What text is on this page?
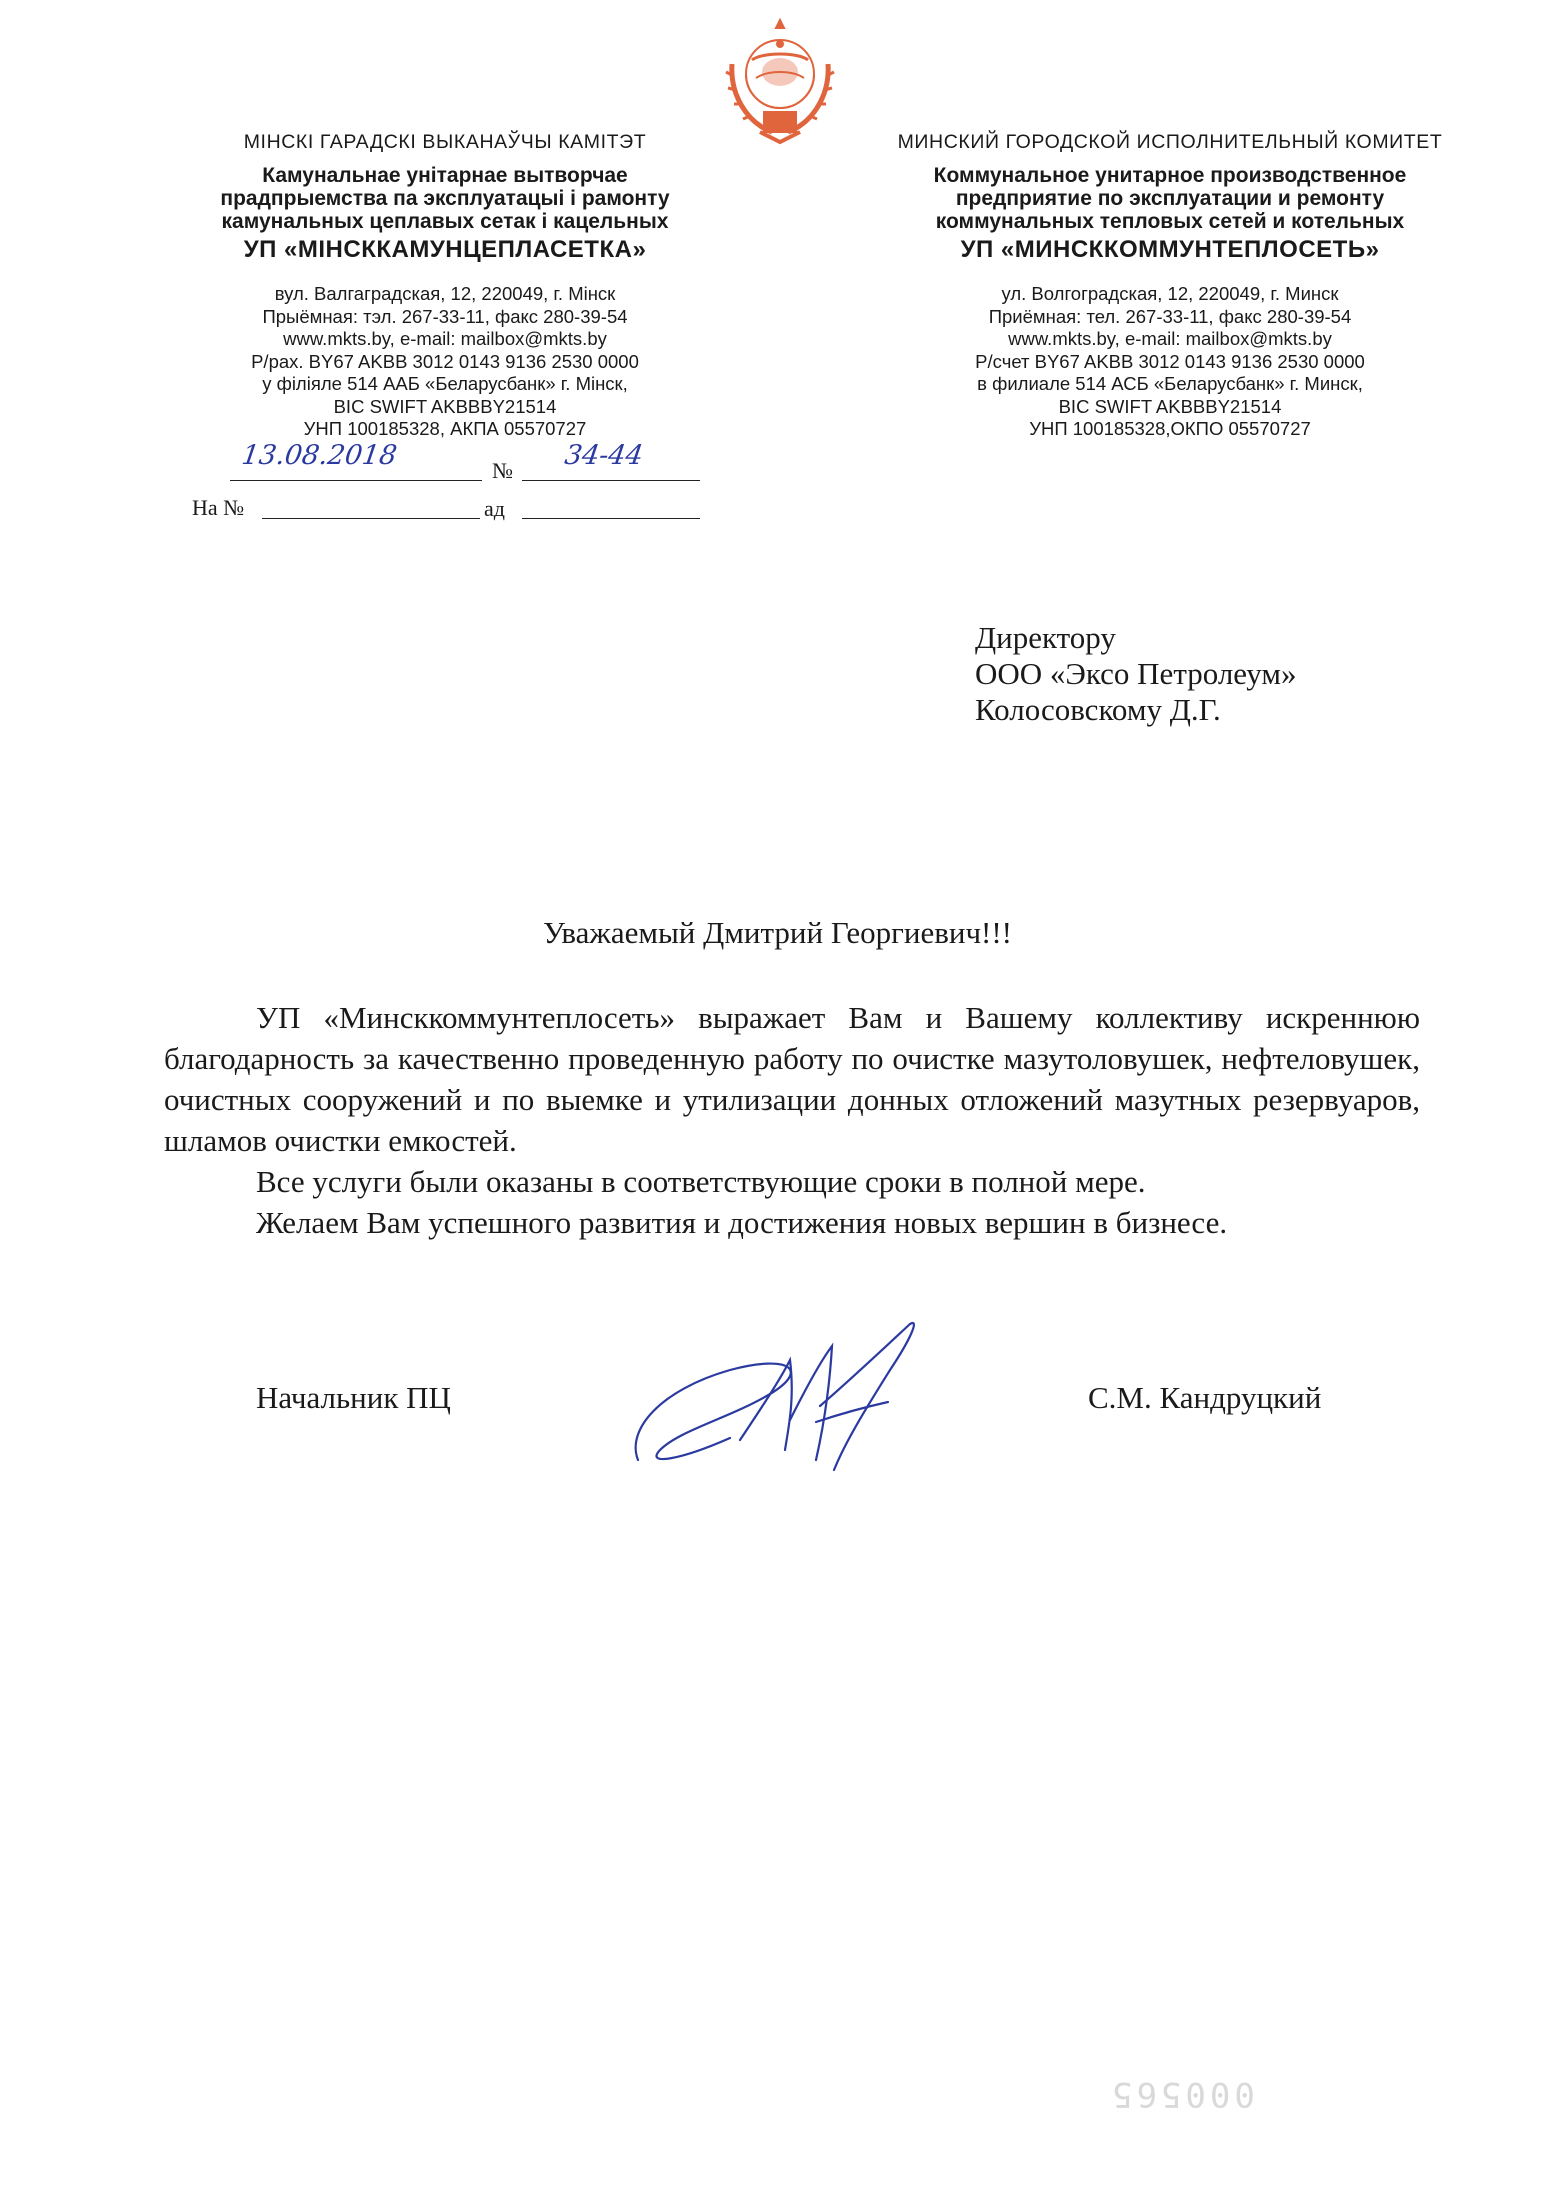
МІНСКІ ГАРАДСКІ ВЫКАНАЎЧЫ КАМІТЭТ
Камунальнае унітарнае вытворчае
прадпрыемства па эксплуатацыі і рамонту
камунальных цеплавых сетак і кацельных
УП «МІНСККАМУНЦЕПЛАСЕТКА»
вул. Валгаградская, 12, 220049, г. Мінск
Прыёмная: тэл. 267-33-11, факс 280-39-54
www.mkts.by, e-mail: mailbox@mkts.by
Р/рах. BY67 AKBB 3012 0143 9136 2530 0000
у філіяле 514 ААБ «Беларусбанк» г. Мінск,
BIC SWIFT AKBBBY21514
УНП 100185328, АКПА 05570727
МИНСКИЙ ГОРОДСКОЙ ИСПОЛНИТЕЛЬНЫЙ КОМИТЕТ
Коммунальное унитарное производственное
предприятие по эксплуатации и ремонту
коммунальных тепловых сетей и котельных
УП «МИНСККОММУНТЕПЛОСЕТЬ»
ул. Волгоградская, 12, 220049, г. Минск
Приёмная: тел. 267-33-11, факс 280-39-54
www.mkts.by, e-mail: mailbox@mkts.by
Р/счет BY67 AKBB 3012 0143 9136 2530 0000
в филиале 514 АСБ «Беларусбанк» г. Минск,
BIC SWIFT AKBBBY21514
УНП 100185328,ОКПО 05570727
13.08.2018	№ 34-44
На №	ад
Директору
ООО «Эксо Петролеум»
Колосовскому Д.Г.
Уважаемый Дмитрий Георгиевич!!!

УП «Минсккоммунтеплосеть» выражает Вам и Вашему коллективу искреннюю благодарность за качественно проведенную работу по очистке мазутоловушек, нефтеловушек, очистных сооружений и по выемке и утилизации донных отложений мазутных резервуаров, шламов очистки емкостей.

Все услуги были оказаны в соответствующие сроки в полной мере.

Желаем Вам успешного развития и достижения новых вершин в бизнесе.

Начальник ПЦ	С.М. Кандруцкий
000565
